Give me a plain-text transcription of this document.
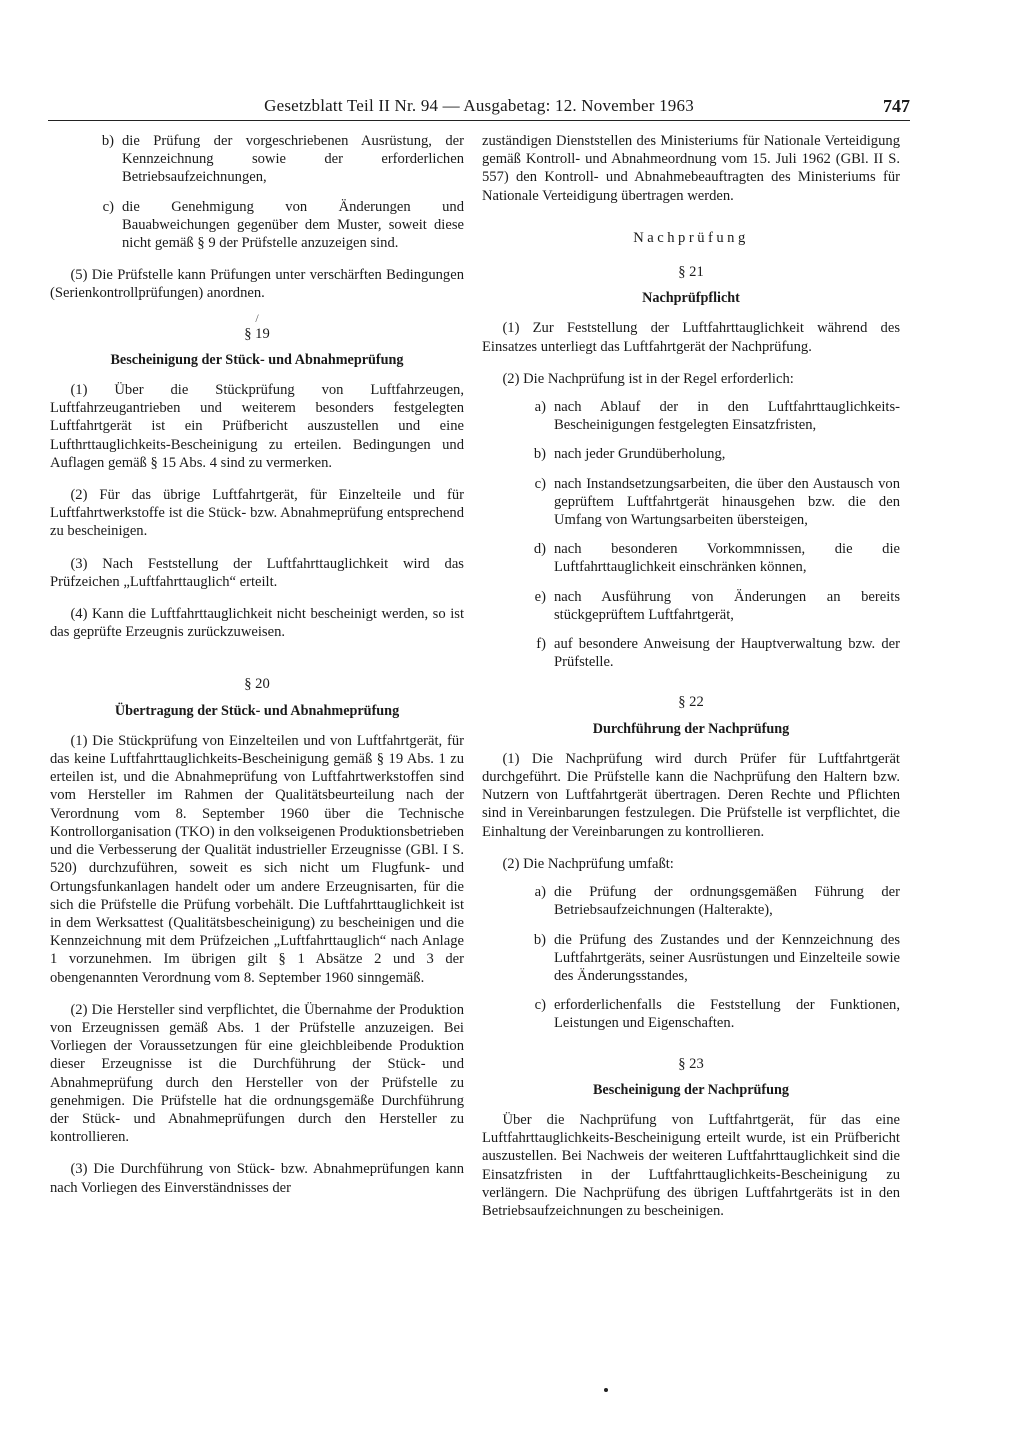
Gesetzblatt Teil II Nr. 94 — Ausgabetag: 12. November 1963	747
b) die Prüfung der vorgeschriebenen Ausrüstung, der Kennzeichnung sowie der erforderlichen Betriebsaufzeichnungen,
c) die Genehmigung von Änderungen und Bauabweichungen gegenüber dem Muster, soweit diese nicht gemäß § 9 der Prüfstelle anzuzeigen sind.

(5) Die Prüfstelle kann Prüfungen unter verschärften Bedingungen (Serienkontrollprüfungen) anordnen.

/
§ 19
Bescheinigung der Stück- und Abnahmeprüfung

(1) Über die Stückprüfung von Luftfahrzeugen, Luftfahrzeugantrieben und weiterem besonders festgelegten Luftfahrtgerät ist ein Prüfbericht auszustellen und eine Lufthrttauglichkeits-Bescheinigung zu erteilen. Bedingungen und Auflagen gemäß § 15 Abs. 4 sind zu vermerken.

(2) Für das übrige Luftfahrtgerät, für Einzelteile und für Luftfahrtwerkstoffe ist die Stück- bzw. Abnahmeprüfung entsprechend zu bescheinigen.

(3) Nach Feststellung der Luftfahrttauglichkeit wird das Prüfzeichen „Luftfahrttauglich“ erteilt.

(4) Kann die Luftfahrttauglichkeit nicht bescheinigt werden, so ist das geprüfte Erzeugnis zurückzuweisen.

§ 20
Übertragung der Stück- und Abnahmeprüfung

(1) Die Stückprüfung von Einzelteilen und von Luftfahrtgerät, für das keine Luftfahrttauglichkeits-Bescheinigung gemäß § 19 Abs. 1 zu erteilen ist, und die Abnahmeprüfung von Luftfahrtwerkstoffen sind vom Hersteller im Rahmen der Qualitätsbeurteilung nach der Verordnung vom 8. September 1960 über die Technische Kontrollorganisation (TKO) in den volkseigenen Produktionsbetrieben und die Verbesserung der Qualität industrieller Erzeugnisse (GBl. I S. 520) durchzuführen, soweit es sich nicht um Flugfunk- und Ortungsfunkanlagen handelt oder um andere Erzeugnisarten, für die sich die Prüfstelle die Prüfung vorbehält. Die Luftfahrttauglichkeit ist in dem Werksattest (Qualitätsbescheinigung) zu bescheinigen und die Kennzeichnung mit dem Prüfzeichen „Luftfahrttauglich“ nach Anlage 1 vorzunehmen. Im übrigen gilt § 1 Absätze 2 und 3 der obengenannten Verordnung vom 8. September 1960 sinngemäß.

(2) Die Hersteller sind verpflichtet, die Übernahme der Produktion von Erzeugnissen gemäß Abs. 1 der Prüfstelle anzuzeigen. Bei Vorliegen der Voraussetzungen für eine gleichbleibende Produktion dieser Erzeugnisse ist die Durchführung der Stück- und Abnahmeprüfung durch den Hersteller von der Prüfstelle zu genehmigen. Die Prüfstelle hat die ordnungsgemäße Durchführung der Stück- und Abnahmeprüfungen durch den Hersteller zu kontrollieren.

(3) Die Durchführung von Stück- bzw. Abnahmeprüfungen kann nach Vorliegen des Einverständnisses der

zuständigen Dienststellen des Ministeriums für Nationale Verteidigung gemäß Kontroll- und Abnahmeordnung vom 15. Juli 1962 (GBl. II S. 557) den Kontroll- und Abnahmebeauftragten des Ministeriums für Nationale Verteidigung übertragen werden.

Nachprüfung
§ 21
Nachprüfpflicht

(1) Zur Feststellung der Luftfahrttauglichkeit während des Einsatzes unterliegt das Luftfahrtgerät der Nachprüfung.

(2) Die Nachprüfung ist in der Regel erforderlich:

a) nach Ablauf der in den Luftfahrttauglichkeits-Bescheinigungen festgelegten Einsatzfristen,
b) nach jeder Grundüberholung,
c) nach Instandsetzungsarbeiten, die über den Austausch von geprüftem Luftfahrtgerät hinausgehen bzw. die den Umfang von Wartungsarbeiten übersteigen,
d) nach besonderen Vorkommnissen, die die Luftfahrttauglichkeit einschränken können,
e) nach Ausführung von Änderungen an bereits stückgeprüftem Luftfahrtgerät,
f) auf besondere Anweisung der Hauptverwaltung bzw. der Prüfstelle.
§ 22
Durchführung der Nachprüfung

(1) Die Nachprüfung wird durch Prüfer für Luftfahrtgerät durchgeführt. Die Prüfstelle kann die Nachprüfung den Haltern bzw. Nutzern von Luftfahrtgerät übertragen. Deren Rechte und Pflichten sind in Vereinbarungen festzulegen. Die Prüfstelle ist verpflichtet, die Einhaltung der Vereinbarungen zu kontrollieren.

(2) Die Nachprüfung umfaßt:

a) die Prüfung der ordnungsgemäßen Führung der Betriebsaufzeichnungen (Halterakte),
b) die Prüfung des Zustandes und der Kennzeichnung des Luftfahrtgeräts, seiner Ausrüstungen und Einzelteile sowie des Änderungsstandes,
c) erforderlichenfalls die Feststellung der Funktionen, Leistungen und Eigenschaften.
§ 23
Bescheinigung der Nachprüfung

Über die Nachprüfung von Luftfahrtgerät, für das eine Luftfahrttauglichkeits-Bescheinigung erteilt wurde, ist ein Prüfbericht auszustellen. Bei Nachweis der weiteren Luftfahrttauglichkeit sind die Einsatzfristen in der Luftfahrttauglichkeits-Bescheinigung zu verlängern. Die Nachprüfung des übrigen Luftfahrtgeräts ist in den Betriebsaufzeichnungen zu bescheinigen.
